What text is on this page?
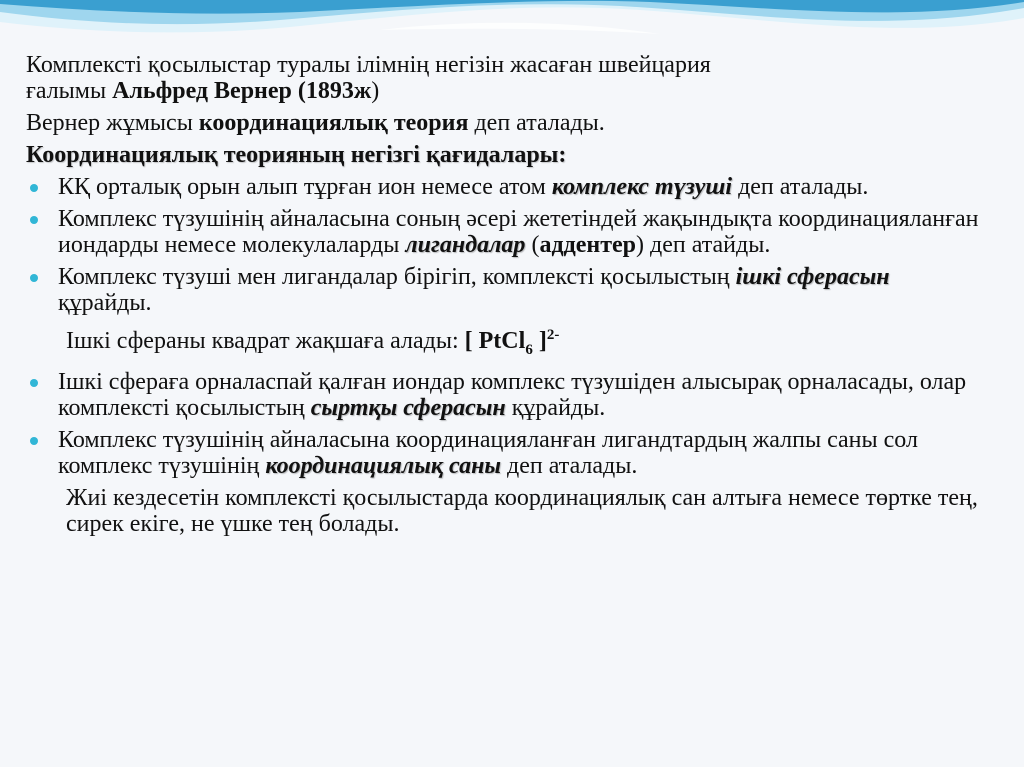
Комплексті қосылыстар туралы ілімнің негізін жасаған швейцария
ғалымы Альфред Вернер (1893ж)

Вернер жұмысы координациялық теория деп аталады.

Координациялық теорияның негізгі қағидалары:

КҚ орталық орын алып тұрған ион немесе атом комплекс түзуші деп аталады.
Комплекс түзушінің айналасына соның әсері жететіндей жақындықта координацияланған иондарды немесе молекулаларды лигандалар (аддентер) деп атайды.
Комплекс түзуші мен лигандалар бірігіп, комплексті қосылыстың ішкі сферасын құрайды.

Ішкі сфераны квадрат жақшаға алады: [ PtCl$_6$ ]$^{2-}$

Ішкі сфераға орналаспай қалған иондар комплекс түзушіден алысырақ орналасады, олар комплексті қосылыстың сыртқы сферасын құрайды.
Комплекс түзушінің айналасына координацияланған лигандтардың жалпы саны сол комплекс түзушінің координациялық саны деп аталады.

Жиі кездесетін комплексті қосылыстарда координациялық сан алтыға немесе төртке тең, сирек екіге, не үшке тең болады.
